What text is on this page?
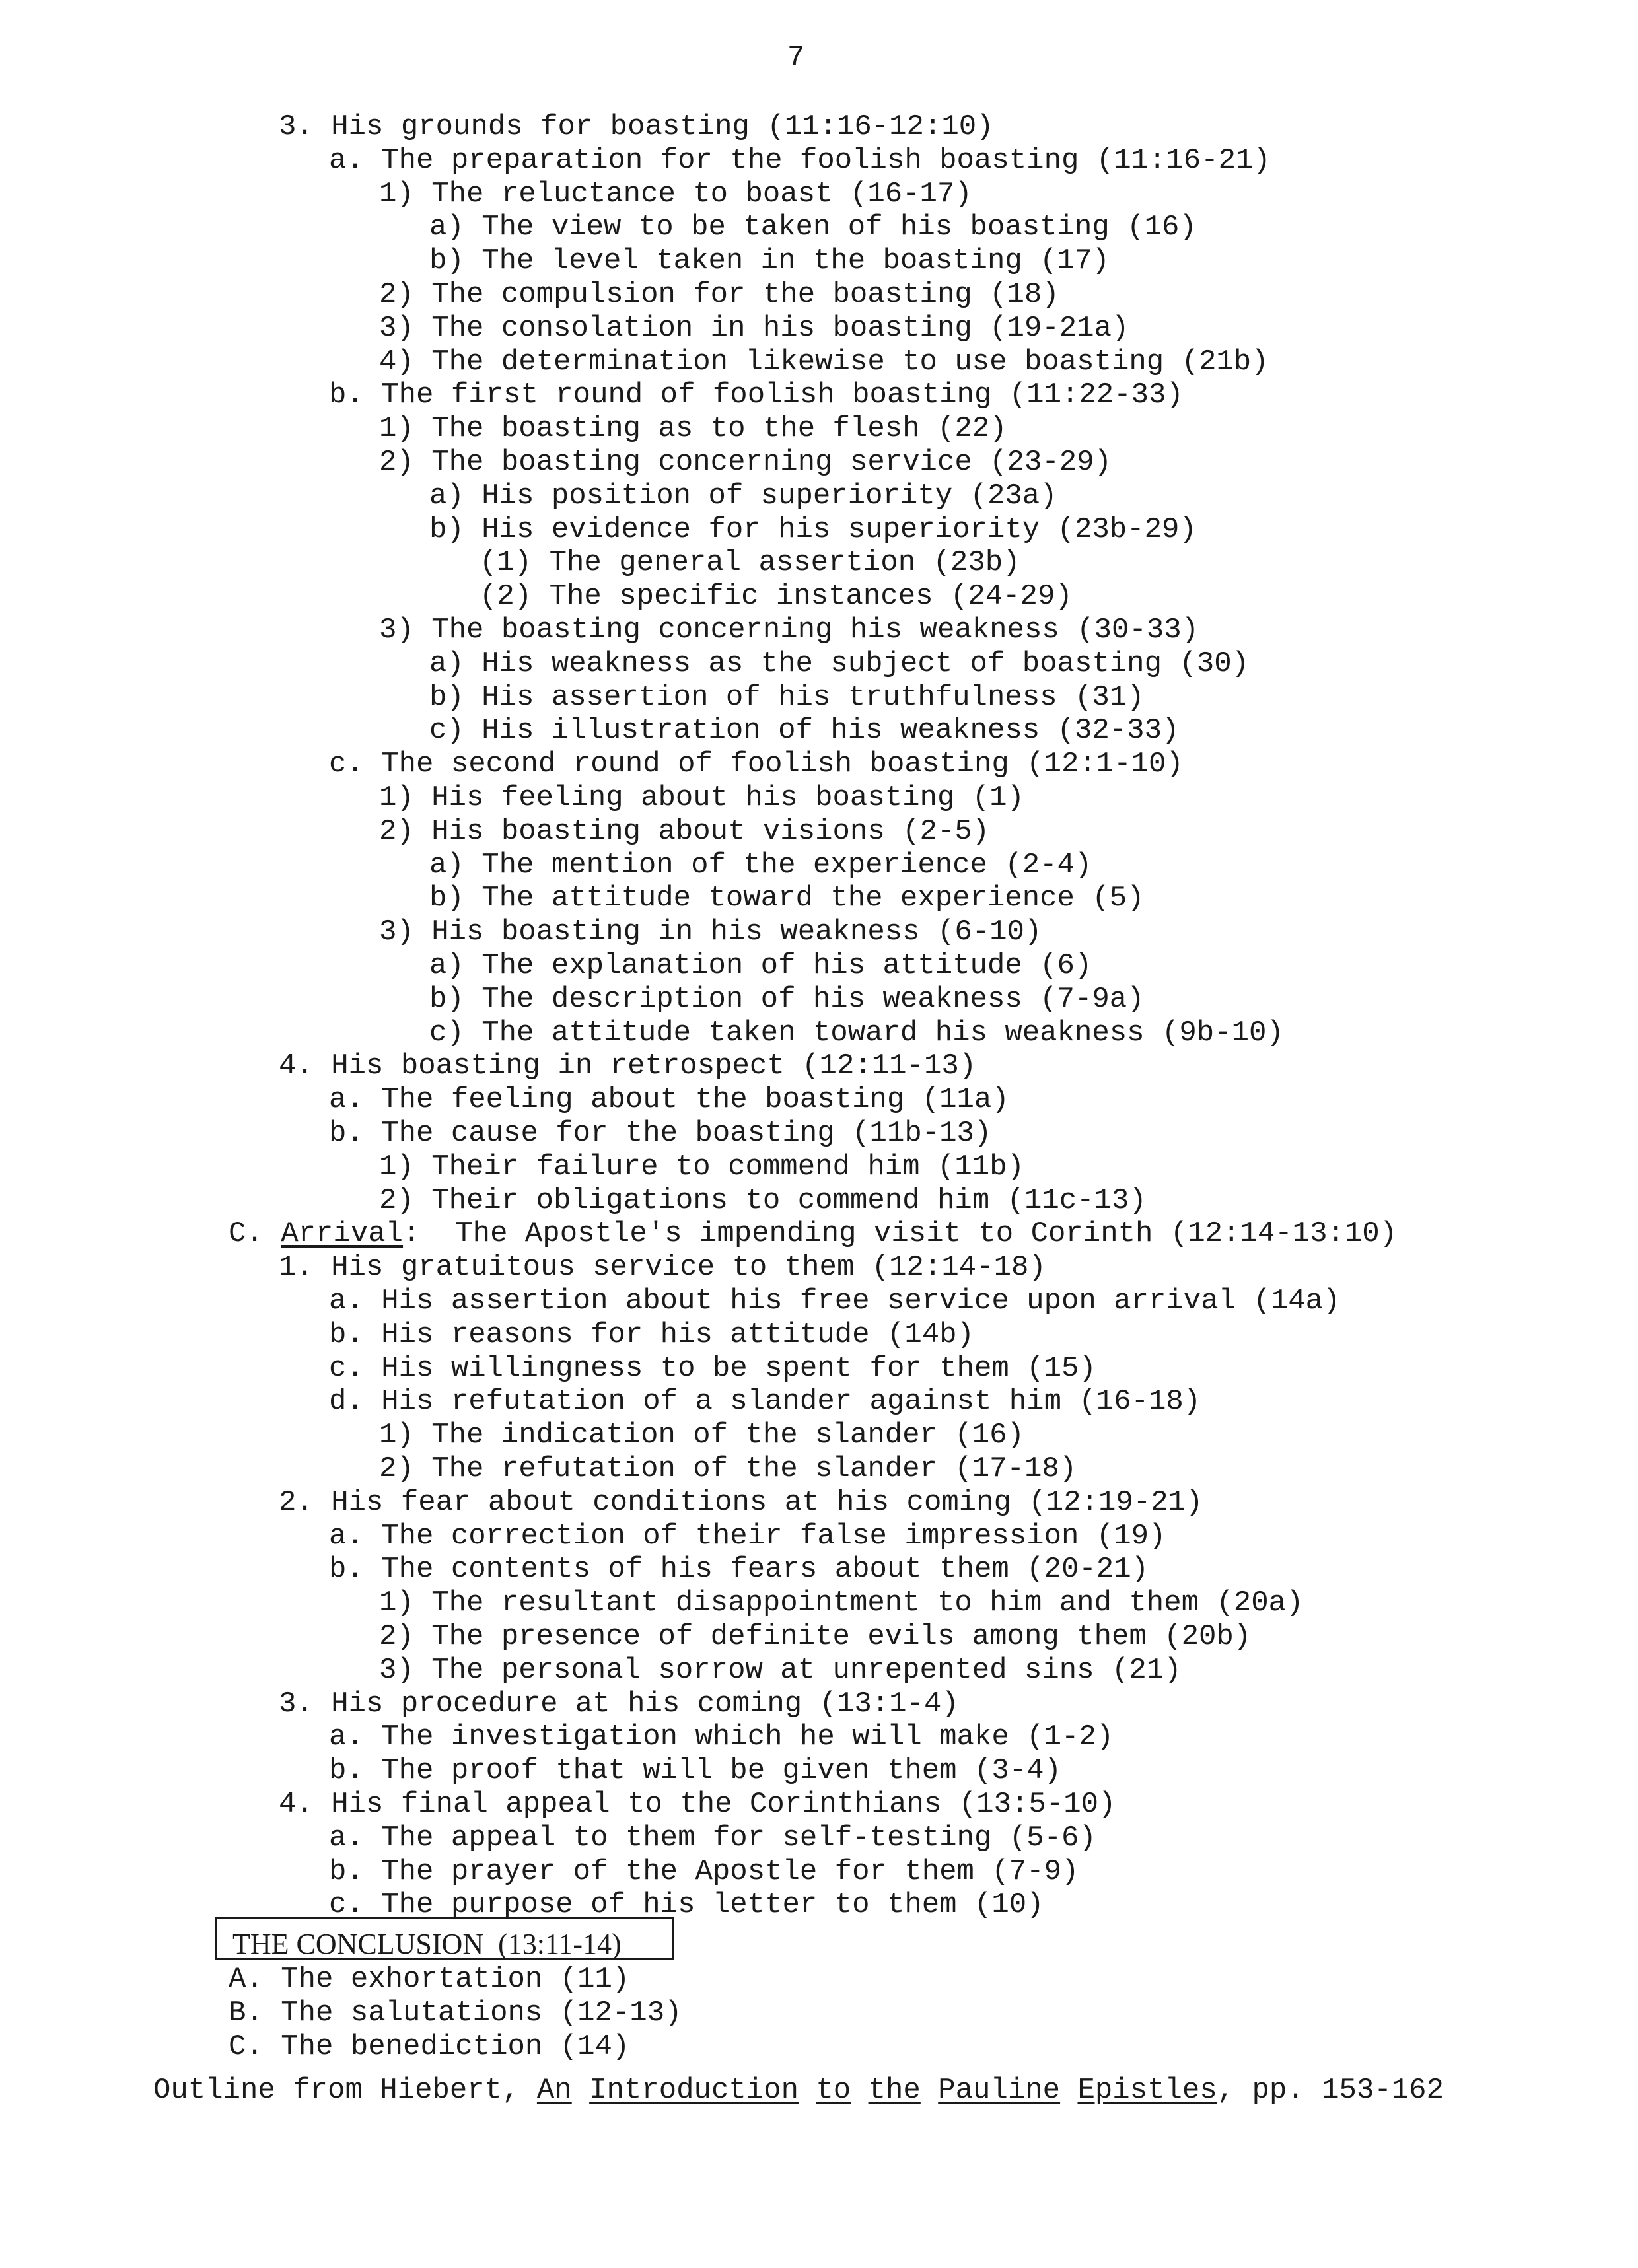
7
3. His grounds for boasting (11:16-12:10)
a. The preparation for the foolish boasting (11:16-21)
1) The reluctance to boast (16-17)
a) The view to be taken of his boasting (16)
b) The level taken in the boasting (17)
2) The compulsion for the boasting (18)
3) The consolation in his boasting (19-21a)
4) The determination likewise to use boasting (21b)
b. The first round of foolish boasting (11:22-33)
1) The boasting as to the flesh (22)
2) The boasting concerning service (23-29)
a) His position of superiority (23a)
b) His evidence for his superiority (23b-29)
(1) The general assertion (23b)
(2) The specific instances (24-29)
3) The boasting concerning his weakness (30-33)
a) His weakness as the subject of boasting (30)
b) His assertion of his truthfulness (31)
c) His illustration of his weakness (32-33)
c. The second round of foolish boasting (12:1-10)
1) His feeling about his boasting (1)
2) His boasting about visions (2-5)
a) The mention of the experience (2-4)
b) The attitude toward the experience (5)
3) His boasting in his weakness (6-10)
a) The explanation of his attitude (6)
b) The description of his weakness (7-9a)
c) The attitude taken toward his weakness (9b-10)
4. His boasting in retrospect (12:11-13)
a. The feeling about the boasting (11a)
b. The cause for the boasting (11b-13)
1) Their failure to commend him (11b)
2) Their obligations to commend him (11c-13)
C. Arrival:  The Apostle's impending visit to Corinth (12:14-13:10)
1. His gratuitous service to them (12:14-18)
a. His assertion about his free service upon arrival (14a)
b. His reasons for his attitude (14b)
c. His willingness to be spent for them (15)
d. His refutation of a slander against him (16-18)
1) The indication of the slander (16)
2) The refutation of the slander (17-18)
2. His fear about conditions at his coming (12:19-21)
a. The correction of their false impression (19)
b. The contents of his fears about them (20-21)
1) The resultant disappointment to him and them (20a)
2) The presence of definite evils among them (20b)
3) The personal sorrow at unrepented sins (21)
3. His procedure at his coming (13:1-4)
a. The investigation which he will make (1-2)
b. The proof that will be given them (3-4)
4. His final appeal to the Corinthians (13:5-10)
a. The appeal to them for self-testing (5-6)
b. The prayer of the Apostle for them (7-9)
c. The purpose of his letter to them (10)
THE CONCLUSION  (13:11-14)
A. The exhortation (11)
B. The salutations (12-13)
C. The benediction (14)
Outline from Hiebert, An Introduction to the Pauline Epistles, pp. 153-162
